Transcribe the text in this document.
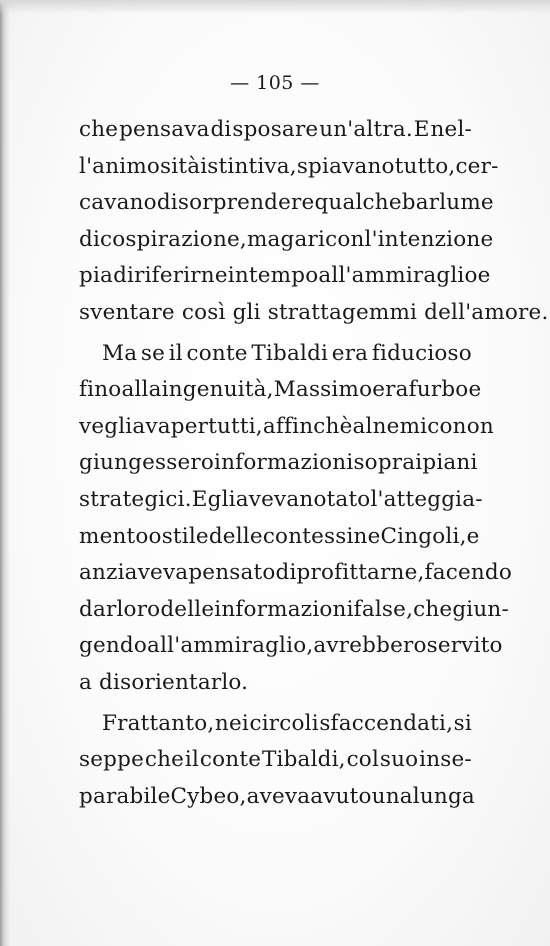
— 105 —
che pensava di sposare un'altra. E nel-
l'animosità istintiva, spiavano tutto, cer-
cavano di sorprendere qualche barlume
di cospirazione, magari con l'intenzione
pia di riferirne in tempo all'ammiraglio e
sventare così gli strattagemmi dell'amore.
Ma se il conte Tibaldi era fiducioso
fino alla ingenuità, Massimo era furbo e
vegliava per tutti, affinchè al nemico non
giungessero informazioni sopra i piani
strategici. Egli aveva notato l'atteggia-
mento ostile delle contessine Cingoli, e
anzi aveva pensato di profittarne, facendo
dar loro delle informazioni false, che giun-
gendo all'ammiraglio, avrebbero servito
a disorientarlo.
Frattanto, nei circoli sfaccendati, si
seppe che il conte Tibaldi, col suo inse-
parabile Cybeo, aveva avuto una lunga
